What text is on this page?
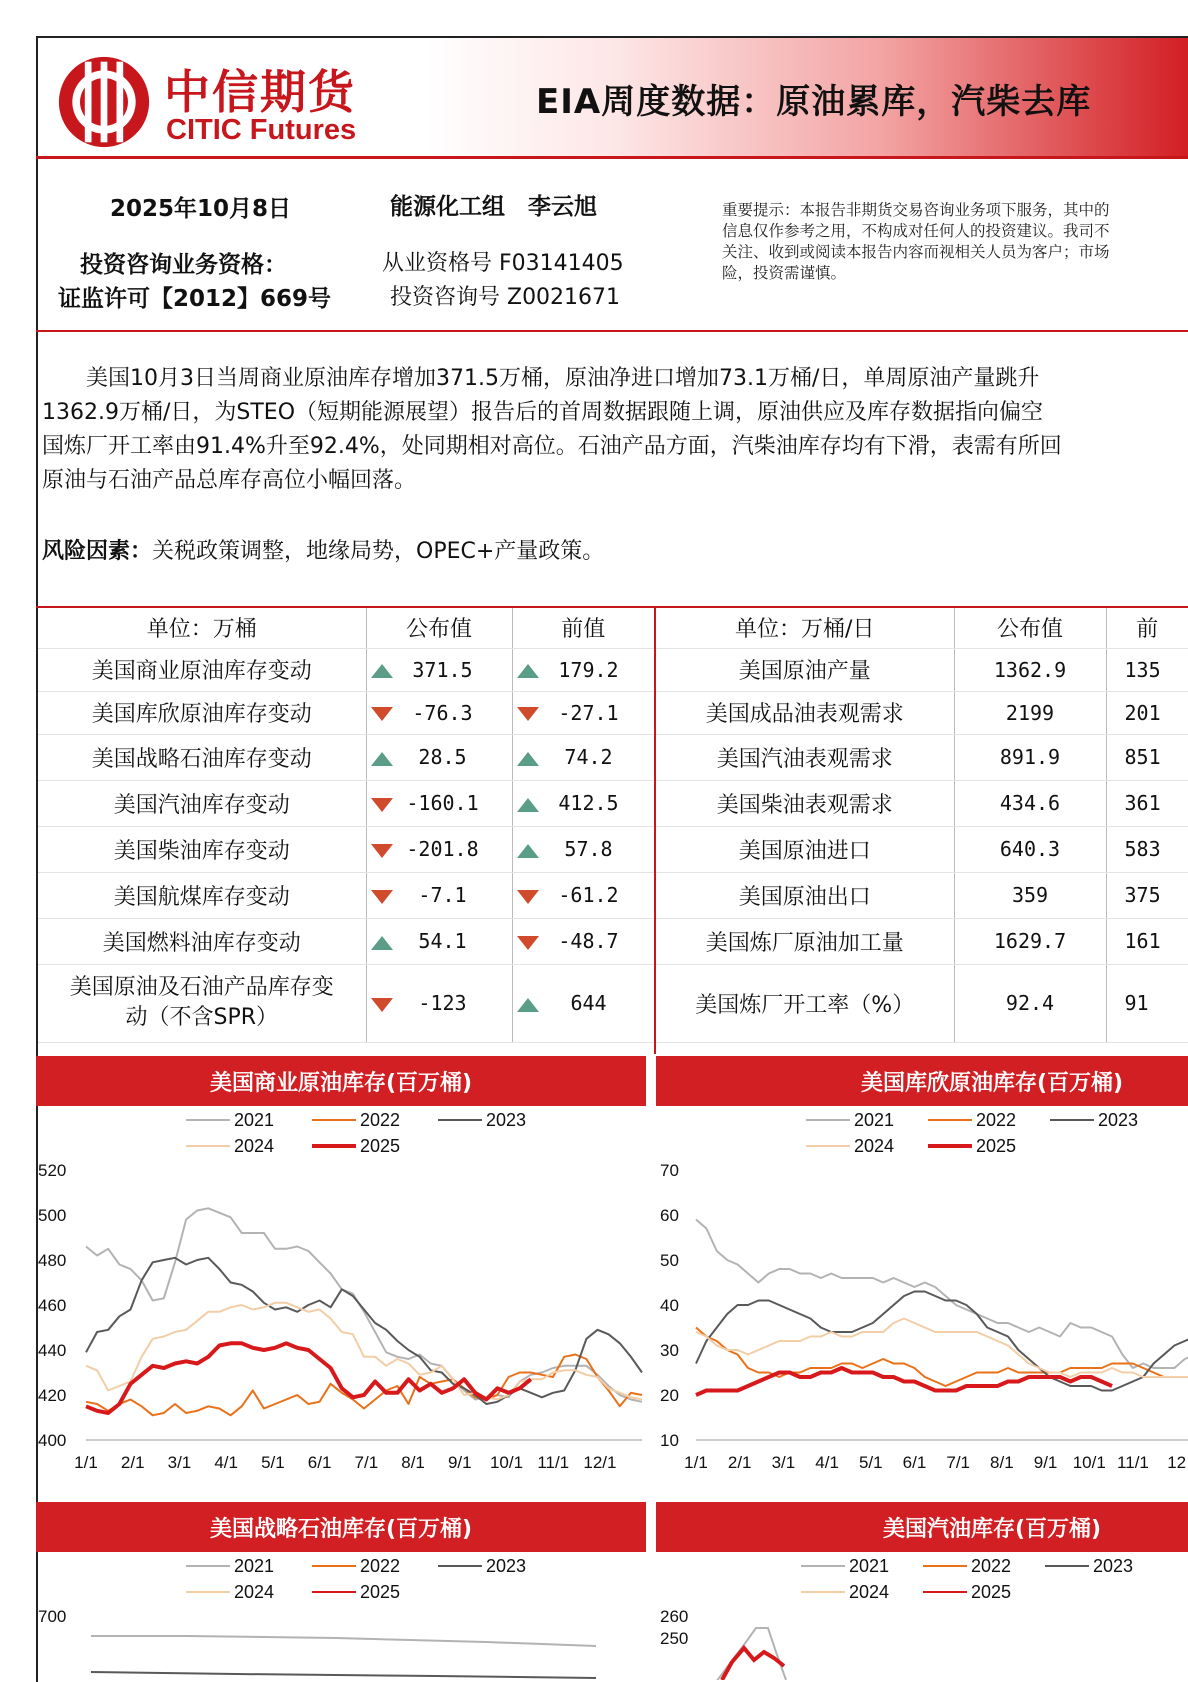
中信期货
CITIC Futures
EIA周度数据：原油累库，汽柴去库
2025年10月8日	能源化工组　李云旭
投资咨询业务资格：
证监许可【2012】669号
从业资格号 F03141405
投资咨询号 Z0021671
重要提示：本报告非期货交易咨询业务项下服务，其中的
信息仅作参考之用，不构成对任何人的投资建议。我司不
关注、收到或阅读本报告内容而视相关人员为客户；市场
险，投资需谨慎。
　　美国10月3日当周商业原油库存增加371.5万桶，原油净进口增加73.1万桶/日，单周原油产量跳升
1362.9万桶/日，为STEO（短期能源展望）报告后的首周数据跟随上调，原油供应及库存数据指向偏空
国炼厂开工率由91.4%升至92.4%，处同期相对高位。石油产品方面，汽柴油库存均有下滑，表需有所回
原油与石油产品总库存高位小幅回落。
风险因素：关税政策调整，地缘局势，OPEC+产量政策。
单位：万桶	公布值	前值
美国商业原油库存变动	371.5	179.2
美国库欣原油库存变动	-76.3	-27.1
美国战略石油库存变动	28.5	74.2
美国汽油库存变动	-160.1	412.5
美国柴油库存变动	-201.8	57.8
美国航煤库存变动	-7.1	-61.2
美国燃料油库存变动	54.1	-48.7

美国原油及石油产品库存变
动（不含SPR）	-123	644
单位：万桶/日	公布值	前
美国原油产量	1362.9	135
美国成品油表观需求	2199	201
美国汽油表观需求	891.9	851
美国柴油表观需求	434.6	361
美国原油进口	640.3	583
美国原油出口	359	375
美国炼厂原油加工量	1629.7	161
美国炼厂开工率（%）	92.4	91
美国商业原油库存(百万桶)	美国库欣原油库存(百万桶)
美国战略石油库存(百万桶)	美国汽油库存(百万桶)
2021	2022	2023
2024	2025
400
420
440
460
480
500
520
1/1 2/1 3/1 4/1 5/1 6/1 7/1 8/1 9/1 10/1 11/1 12/1
2021	2022	2023
2024	2025
10
20
30
40
50
60
70
1/1 2/1 3/1 4/1 5/1 6/1 7/1 8/1 9/1 10/1 11/1 12
2021	2022	2023
2024	2025
700
2021	2022	2023
2024	2025
250
260
